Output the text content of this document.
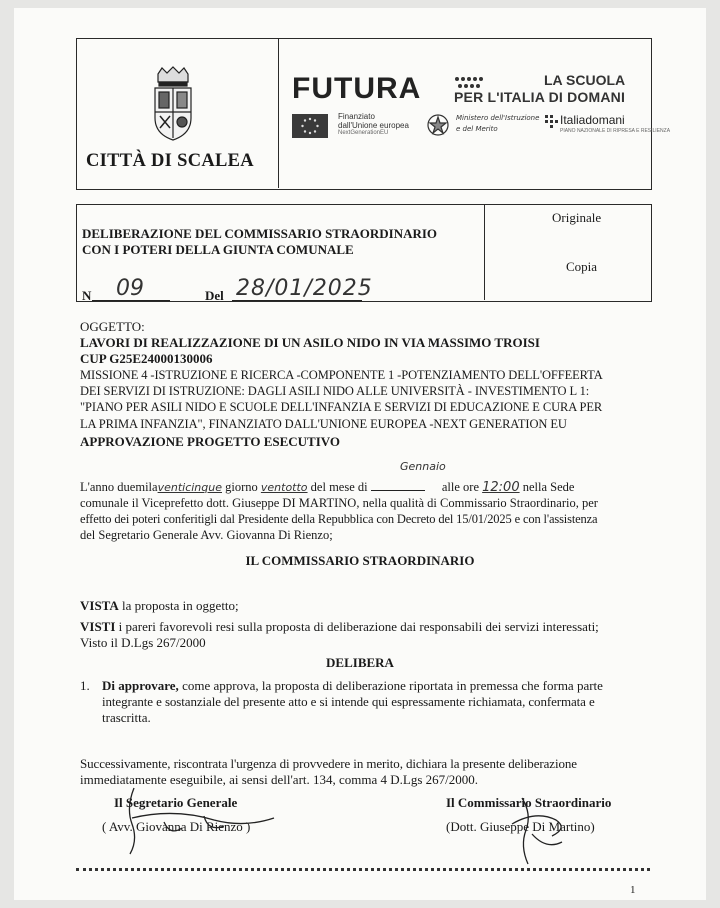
CITTÀ DI SCALEA
FUTURA	LA SCUOLA
PER L'ITALIA DI DOMANI
Finanziato
dall'Unione europea
NextGenerationEU
Ministero dell'Istruzione
e del Merito
Italiadomani
PIANO NAZIONALE DI RIPRESA E RESILIENZA
DELIBERAZIONE DEL COMMISSARIO STRAORDINARIO
CON I POTERI DELLA GIUNTA COMUNALE
Originale
Copia
N 09	Del 28/01/2025
OGGETTO:
LAVORI DI REALIZZAZIONE DI UN ASILO NIDO IN VIA MASSIMO TROISI
CUP G25E24000130006
MISSIONE 4 -ISTRUZIONE E RICERCA -COMPONENTE 1 -POTENZIAMENTO DELL'OFFEERTA
DEI SERVIZI DI ISTRUZIONE: DAGLI ASILI NIDO ALLE UNIVERSITÀ - INVESTIMENTO L 1:
"PIANO PER ASILI NIDO E SCUOLE DELL'INFANZIA E SERVIZI DI EDUCAZIONE E CURA PER
LA PRIMA INFANZIA", FINANZIATO DALL'UNIONE EUROPEA -NEXT GENERATION EU
APPROVAZIONE PROGETTO ESECUTIVO
L'anno duemilaventicinque giorno ventotto del mese di	alle ore 12:00 nella Sede
Gennaio
comunale il Viceprefetto dott. Giuseppe DI MARTINO, nella qualità di Commissario Straordinario, per
effetto dei poteri conferitigli dal Presidente della Repubblica con Decreto del 15/01/2025 e con l'assistenza
del Segretario Generale Avv. Giovanna Di Rienzo;
IL COMMISSARIO STRAORDINARIO
VISTA la proposta in oggetto;
VISTI i pareri favorevoli resi sulla proposta di deliberazione dai responsabili dei servizi interessati;
Visto il D.Lgs 267/2000
DELIBERA
1. Di approvare, come approva, la proposta di deliberazione riportata in premessa che forma parte
integrante e sostanziale del presente atto e si intende qui espressamente richiamata, confermata e
trascritta.
Successivamente, riscontrata l'urgenza di provvedere in merito, dichiara la presente deliberazione
immediatamente eseguibile, ai sensi dell'art. 134, comma 4 D.Lgs 267/2000.
Il Segretario Generale
( Avv. Giovanna Di Rienzo )
Il Commissario Straordinario
(Dott. Giuseppe Di Martino)
1
